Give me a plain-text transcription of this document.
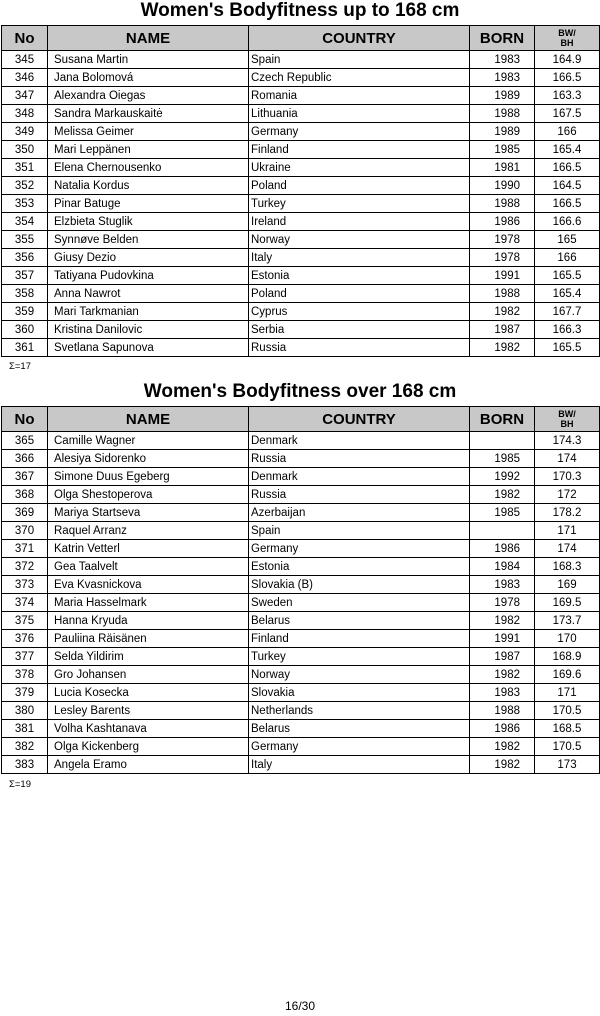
Women's Bodyfitness up to 168 cm
No	NAME	COUNTRY	BORN	BW/
BH
345	Susana Martin	Spain	1983	164.9
346	Jana Bolomová	Czech Republic	1983	166.5
347	Alexandra Oiegas	Romania	1989	163.3
348	Sandra Markauskaitė	Lithuania	1988	167.5
349	Melissa Geimer	Germany	1989	166
350	Mari Leppänen	Finland	1985	165.4
351	Elena Chernousenko	Ukraine	1981	166.5
352	Natalia Kordus	Poland	1990	164.5
353	Pinar Batuge	Turkey	1988	166.5
354	Elzbieta Stuglik	Ireland	1986	166.6
355	Synnøve Belden	Norway	1978	165
356	Giusy Dezio	Italy	1978	166
357	Tatiyana Pudovkina	Estonia	1991	165.5
358	Anna Nawrot	Poland	1988	165.4
359	Mari Tarkmanian	Cyprus	1982	167.7
360	Kristina Danilovic	Serbia	1987	166.3
361	Svetlana Sapunova	Russia	1982	165.5
Σ=17
Women's Bodyfitness over 168 cm
No	NAME	COUNTRY	BORN	BW/
BH
365	Camille Wagner	Denmark		174.3
366	Alesiya Sidorenko	Russia	1985	174
367	Simone Duus Egeberg	Denmark	1992	170.3
368	Olga Shestoperova	Russia	1982	172
369	Mariya Startseva	Azerbaijan	1985	178.2
370	Raquel Arranz	Spain		171
371	Katrin Vetterl	Germany	1986	174
372	Gea Taalvelt	Estonia	1984	168.3
373	Eva Kvasnickova	Slovakia (B)	1983	169
374	Maria Hasselmark	Sweden	1978	169.5
375	Hanna Kryuda	Belarus	1982	173.7
376	Pauliina Räisänen	Finland	1991	170
377	Selda Yildirim	Turkey	1987	168.9
378	Gro Johansen	Norway	1982	169.6
379	Lucia Kosecka	Slovakia	1983	171
380	Lesley Barents	Netherlands	1988	170.5
381	Volha Kashtanava	Belarus	1986	168.5
382	Olga Kickenberg	Germany	1982	170.5
383	Angela Eramo	Italy	1982	173
Σ=19
16/30
